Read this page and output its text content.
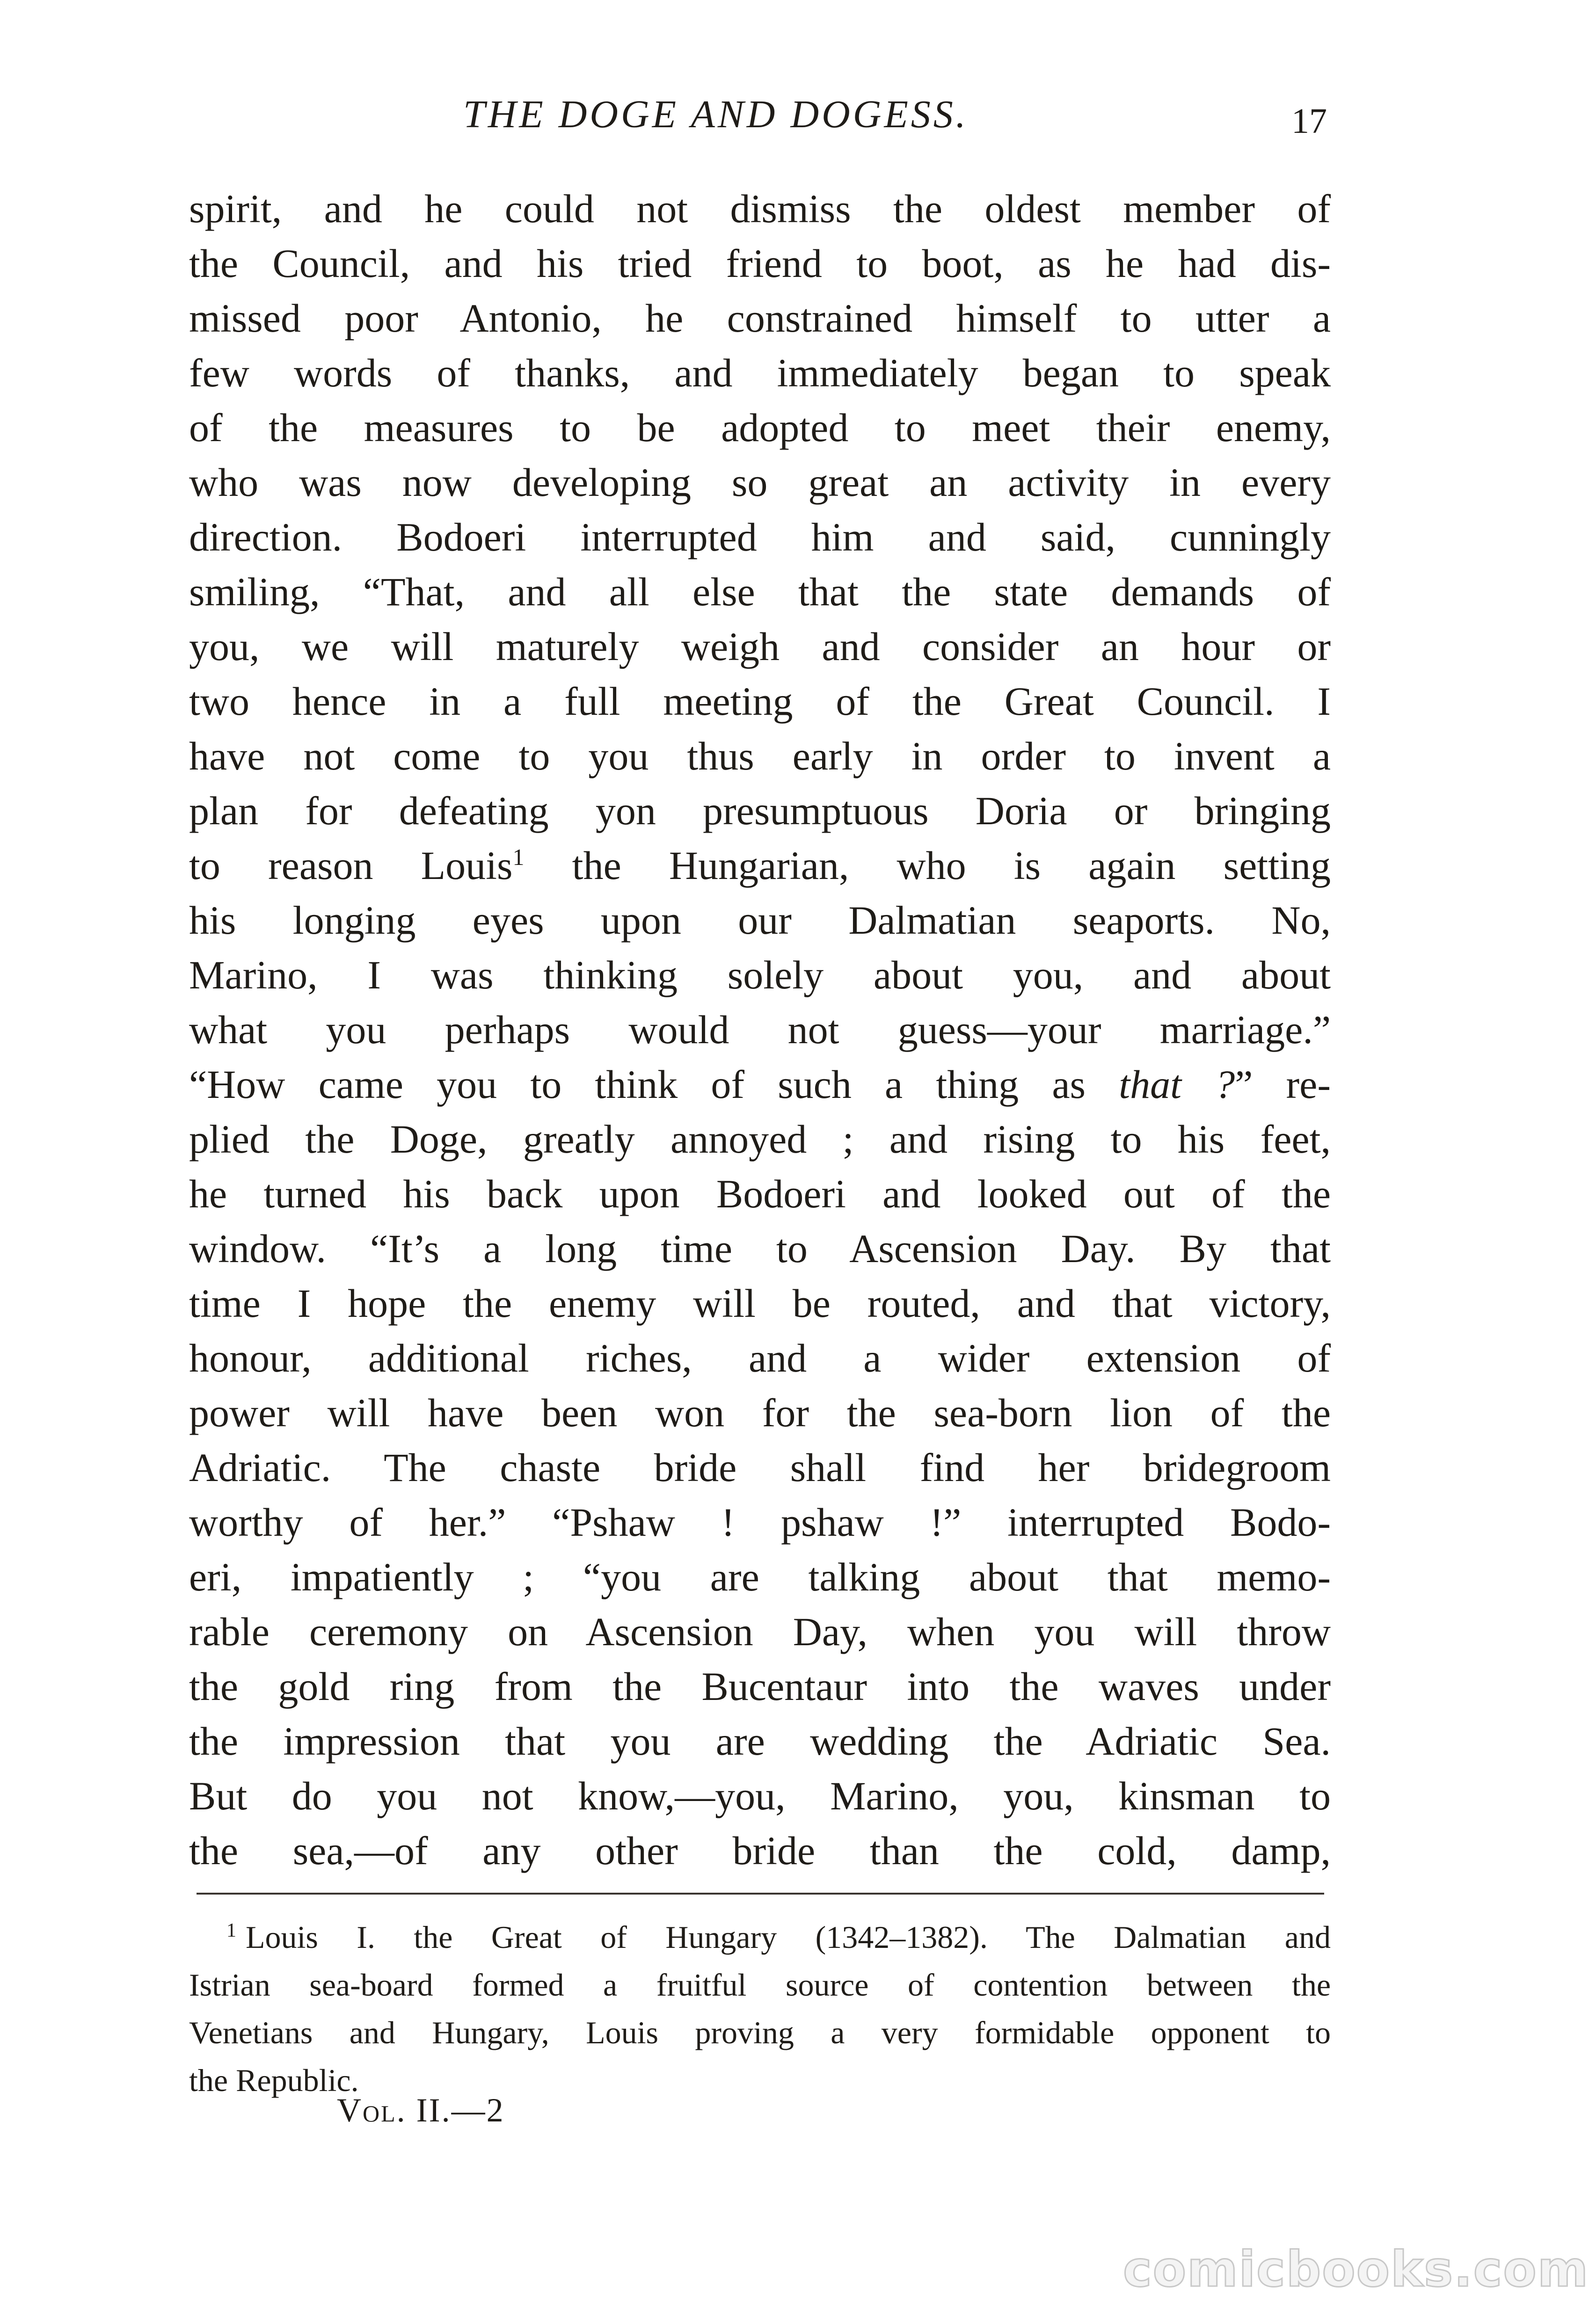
THE DOGE AND DOGESS.	17
spirit, and he could not dismiss the oldest member of
the Council, and his tried friend to boot, as he had dis-
missed poor Antonio, he constrained himself to utter a
few words of thanks, and immediately began to speak
of the measures to be adopted to meet their enemy,
who was now developing so great an activity in every
direction. Bodoeri interrupted him and said, cunningly
smiling, “That, and all else that the state demands of
you, we will maturely weigh and consider an hour or
two hence in a full meeting of the Great Council. I
have not come to you thus early in order to invent a
plan for defeating yon presumptuous Doria or bringing
to reason Louis$^1$ the Hungarian, who is again setting
his longing eyes upon our Dalmatian seaports. No,
Marino, I was thinking solely about you, and about
what you perhaps would not guess—your marriage.”
“How came you to think of such a thing as that ?” re-
plied the Doge, greatly annoyed ; and rising to his feet,
he turned his back upon Bodoeri and looked out of the
window. “It’s a long time to Ascension Day. By that
time I hope the enemy will be routed, and that victory,
honour, additional riches, and a wider extension of
power will have been won for the sea-born lion of the
Adriatic. The chaste bride shall find her bridegroom
worthy of her.” “Pshaw ! pshaw !” interrupted Bodo-
eri, impatiently ; “you are talking about that memo-
rable ceremony on Ascension Day, when you will throw
the gold ring from the Bucentaur into the waves under
the impression that you are wedding the Adriatic Sea.
But do you not know,—you, Marino, you, kinsman to
the sea,—of any other bride than the cold, damp,
$^1$ Louis I. the Great of Hungary (1342–1382). The Dalmatian and
Istrian sea-board formed a fruitful source of contention between the
Venetians and Hungary, Louis proving a very formidable opponent to
the Republic.
Vol. II.—2
comicbooks.com
